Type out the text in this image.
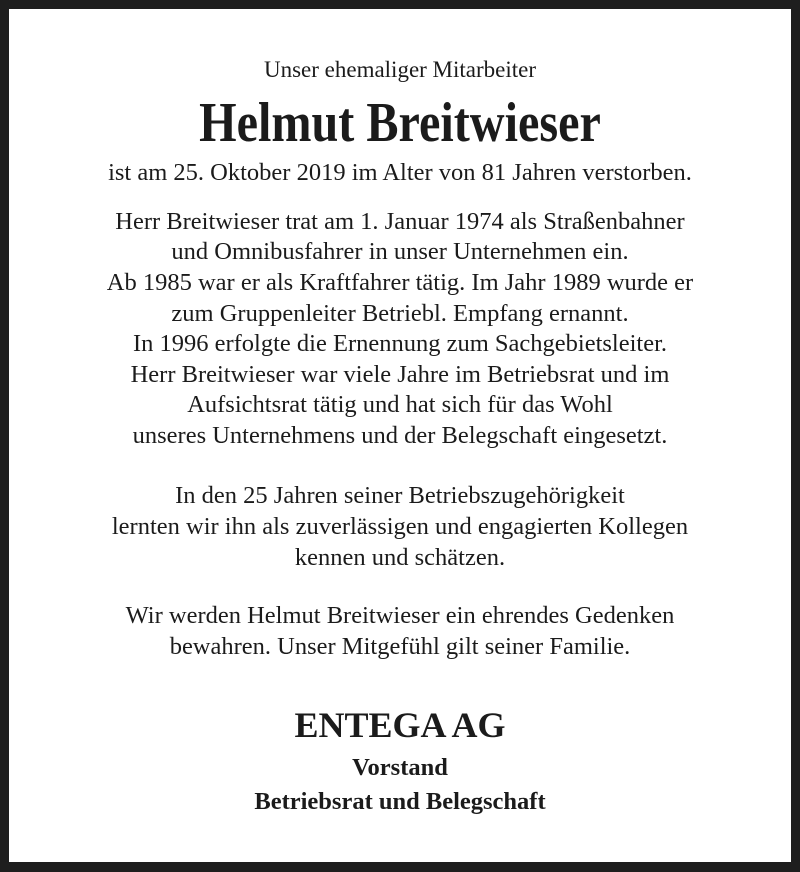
Unser ehemaliger Mitarbeiter
Helmut Breitwieser
ist am 25. Oktober 2019 im Alter von 81 Jahren verstorben.
Herr Breitwieser trat am 1. Januar 1974 als Straßenbahner
und Omnibusfahrer in unser Unternehmen ein.
Ab 1985 war er als Kraftfahrer tätig. Im Jahr 1989 wurde er
zum Gruppenleiter Betriebl. Empfang ernannt.
In 1996 erfolgte die Ernennung zum Sachgebietsleiter.
Herr Breitwieser war viele Jahre im Betriebsrat und im
Aufsichtsrat tätig und hat sich für das Wohl
unseres Unternehmens und der Belegschaft eingesetzt.
In den 25 Jahren seiner Betriebszugehörigkeit
lernten wir ihn als zuverlässigen und engagierten Kollegen
kennen und schätzen.
Wir werden Helmut Breitwieser ein ehrendes Gedenken
bewahren. Unser Mitgefühl gilt seiner Familie.
ENTEGA AG
Vorstand
Betriebsrat und Belegschaft
